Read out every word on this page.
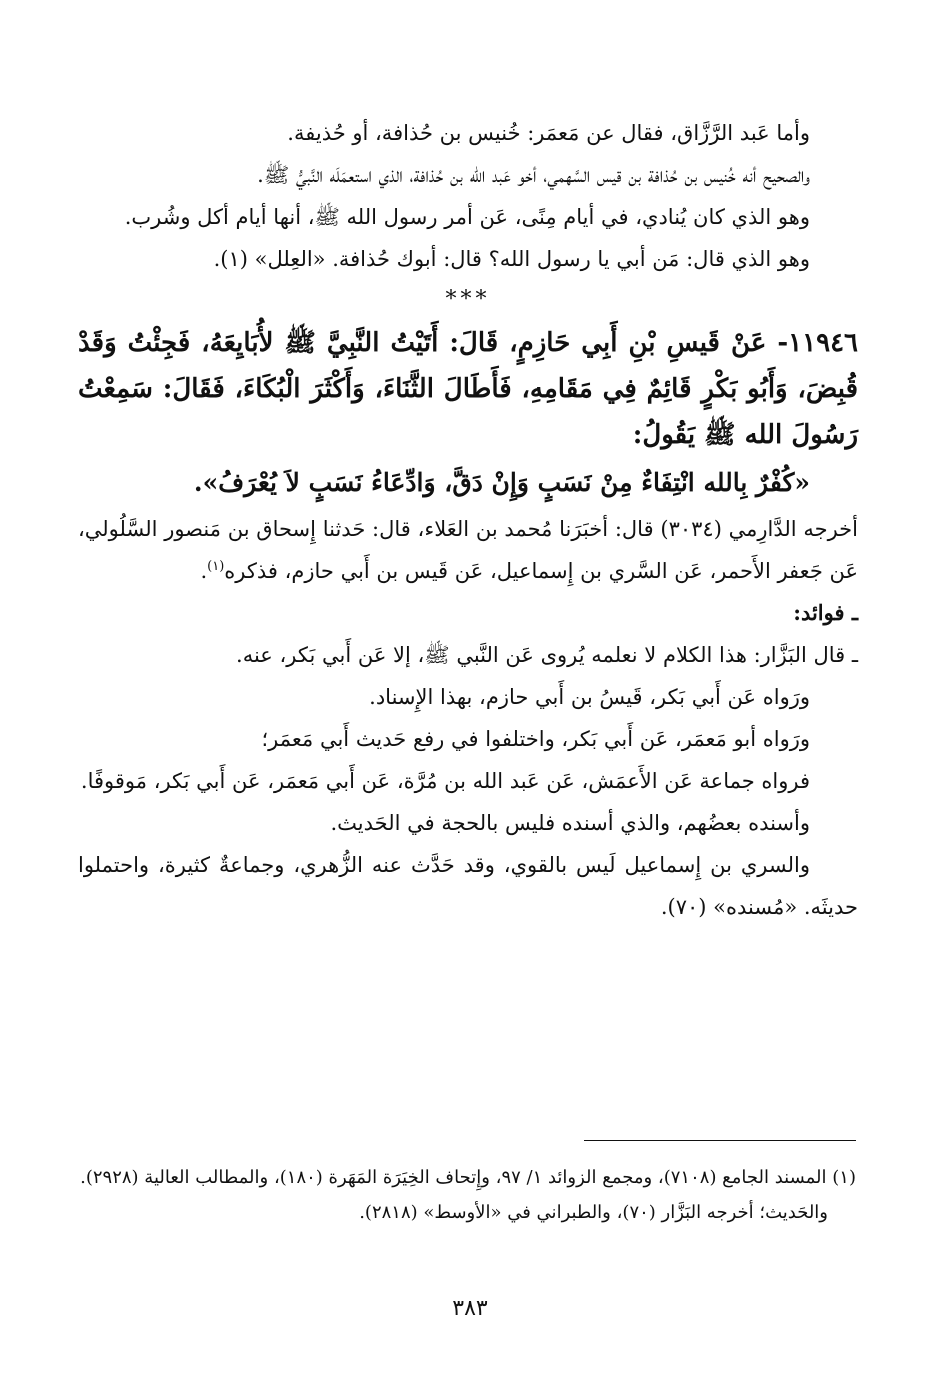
وأما عَبد الرَّزَّاق، فقال عن مَعمَر: خُنيس بن حُذافة، أو حُذيفة.

والصحيح أنه خُنيس بن حُذافة بن قيس السَّهمي، أخو عَبد الله بن حُذافة، الذي استعمَلَه النَّبيُّ ﷺ.

وهو الذي كان يُنادي، في أيام مِنًى، عَن أمر رسول الله ﷺ، أنها أيام أكل وشُرب.

وهو الذي قال: مَن أبي يا رسول الله؟ قال: أبوك حُذافة. «العِلل» (١).

***

١١٩٤٦- عَنْ قَيسِ بْنِ أَبِي حَازِمٍ، قَالَ: أَتَيْتُ النَّبِيَّ ﷺ لأُبَايِعَهُ، فَجِئْتُ وَقَدْ قُبِضَ، وَأَبُو بَكْرٍ قَائِمٌ فِي مَقَامِهِ، فَأَطَالَ الثَّنَاءَ، وَأَكْثَرَ الْبُكَاءَ، فَقَالَ: سَمِعْتُ رَسُولَ الله ﷺ يَقُولُ:

«كُفْرٌ بِالله انْتِفَاءٌ مِنْ نَسَبٍ وَإِنْ دَقَّ، وَادِّعَاءُ نَسَبٍ لاَ يُعْرَفُ».

أخرجه الدَّارِمي (٣٠٣٤) قال: أخبَرَنا مُحمد بن العَلاء، قال: حَدثنا إِسحاق بن مَنصور السَّلُولي، عَن جَعفر الأَحمر، عَن السَّري بن إِسماعيل، عَن قَيس بن أَبي حازم، فذكره$^{(١)}$.

ـ فوائد:

ـ قال البَزَّار: هذا الكلام لا نعلمه يُروى عَن النَّبي ﷺ، إلا عَن أَبي بَكر، عنه.

ورَواه عَن أَبي بَكر، قَيسُ بن أَبي حازم، بهذا الإِسناد.

ورَواه أبو مَعمَر، عَن أَبي بَكر، واختلفوا في رفع حَديث أَبي مَعمَر؛

فرواه جماعة عَن الأَعمَش، عَن عَبد الله بن مُرَّة، عَن أَبي مَعمَر، عَن أَبي بَكر، مَوقوفًا.

وأسنده بعضُهم، والذي أسنده فليس بالحجة في الحَديث.

والسري بن إِسماعيل لَيس بالقوي، وقد حَدَّث عنه الزُّهري، وجماعةٌ كثيرة، واحتملوا حديثَه. «مُسنده» (٧٠).

(١) المسند الجامع (٧١٠٨)، ومجمع الزوائد ١/ ٩٧، وإِتحاف الخِيَرَة المَهَرة (١٨٠)، والمطالب العالية (٢٩٢٨).

والحَديث؛ أخرجه البَزَّار (٧٠)، والطبراني في «الأوسط» (٢٨١٨).

٣٨٣
